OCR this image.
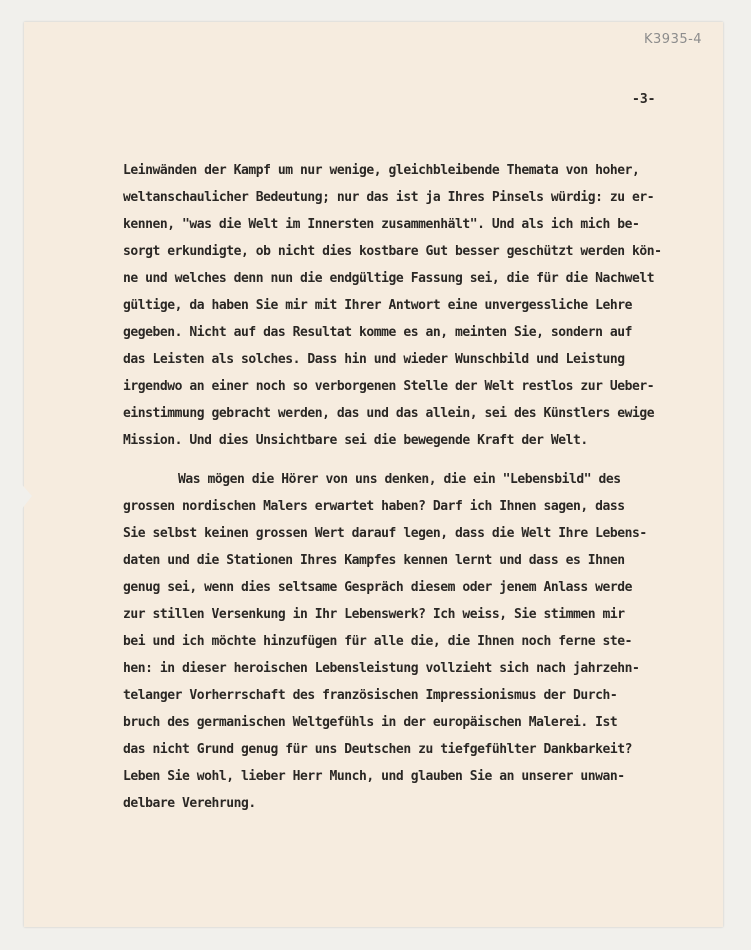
K3935-4
-3-
Leinwänden der Kampf um nur wenige, gleichbleibende Themata von hoher,
weltanschaulicher Bedeutung; nur das ist ja Ihres Pinsels würdig: zu er-
kennen, "was die Welt im Innersten zusammenhält". Und als ich mich be-
sorgt erkundigte, ob nicht dies kostbare Gut besser geschützt werden kön-
ne und welches denn nun die endgültige Fassung sei, die für die Nachwelt
gültige, da haben Sie mir mit Ihrer Antwort eine unvergessliche Lehre
gegeben. Nicht auf das Resultat komme es an, meinten Sie, sondern auf
das Leisten als solches. Dass hin und wieder Wunschbild und Leistung
irgendwo an einer noch so verborgenen Stelle der Welt restlos zur Ueber-
einstimmung gebracht werden, das und das allein, sei des Künstlers ewige
Mission. Und dies Unsichtbare sei die bewegende Kraft der Welt.
Was mögen die Hörer von uns denken, die ein "Lebensbild" des
grossen nordischen Malers erwartet haben? Darf ich Ihnen sagen, dass
Sie selbst keinen grossen Wert darauf legen, dass die Welt Ihre Lebens-
daten und die Stationen Ihres Kampfes kennen lernt und dass es Ihnen
genug sei, wenn dies seltsame Gespräch diesem oder jenem Anlass werde
zur stillen Versenkung in Ihr Lebenswerk? Ich weiss, Sie stimmen mir
bei und ich möchte hinzufügen für alle die, die Ihnen noch ferne ste-
hen: in dieser heroischen Lebensleistung vollzieht sich nach jahrzehn-
telanger Vorherrschaft des französischen Impressionismus der Durch-
bruch des germanischen Weltgefühls in der europäischen Malerei. Ist
das nicht Grund genug für uns Deutschen zu tiefgefühlter Dankbarkeit?
Leben Sie wohl, lieber Herr Munch, und glauben Sie an unserer unwan-
delbare Verehrung.
